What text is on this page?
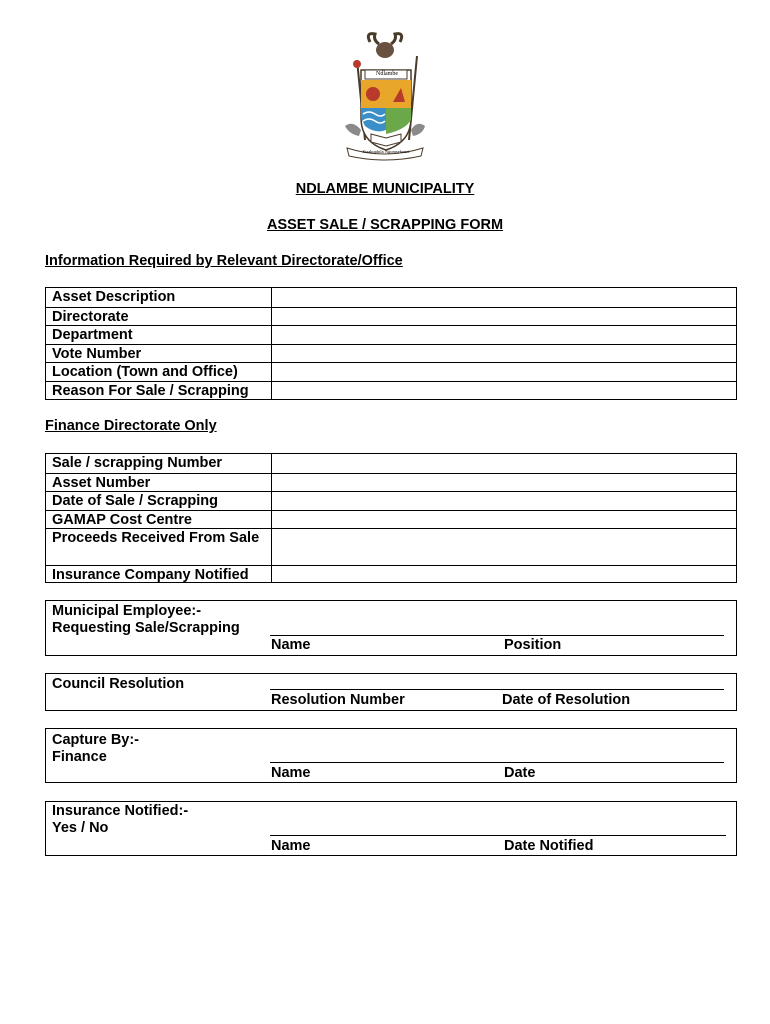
Ndlambe
Sizakuphila Ngomsebenzi
NDLAMBE MUNICIPALITY
ASSET SALE / SCRAPPING FORM
Information Required by Relevant Directorate/Office
Asset Description
Directorate
Department
Vote Number
Location (Town and Office)
Reason For Sale / Scrapping
Finance Directorate Only
Sale / scrapping Number
Asset Number
Date of Sale / Scrapping
GAMAP Cost Centre
Proceeds Received From Sale
Insurance Company Notified
Municipal Employee:-
Requesting Sale/Scrapping
Name	Position
Council Resolution
Resolution Number	Date of Resolution
Capture By:-
Finance
Name	Date
Insurance Notified:-
Yes / No
Name	Date Notified
